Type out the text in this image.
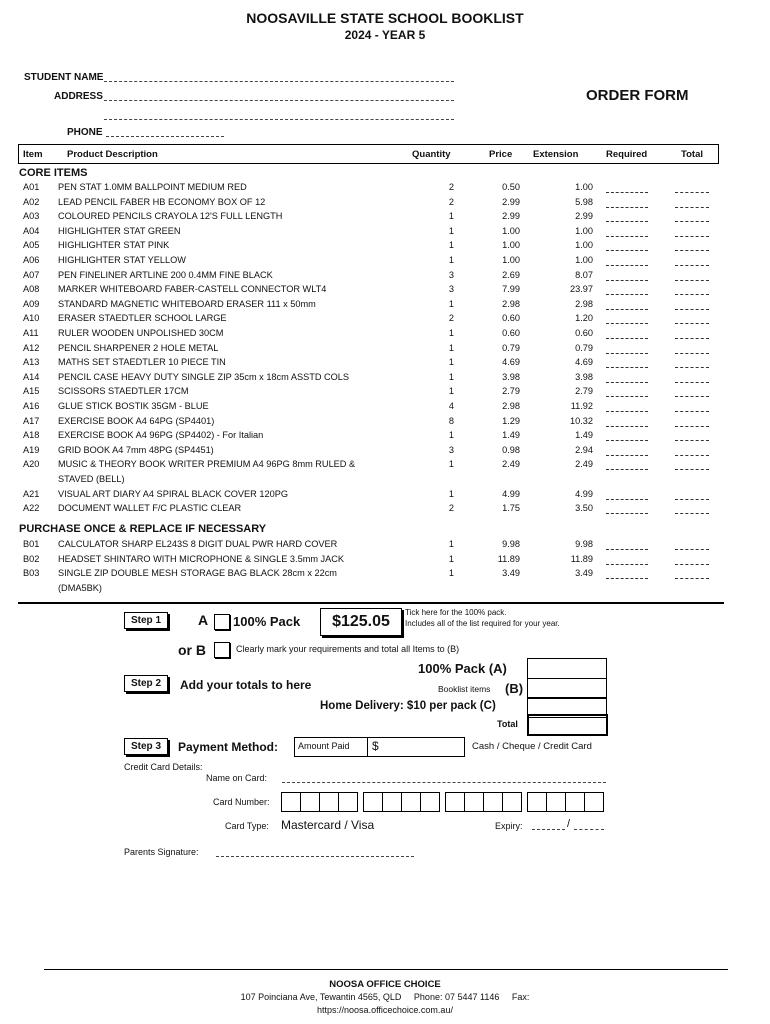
NOOSAVILLE STATE SCHOOL BOOKLIST
2024 - YEAR 5
STUDENT NAME
ADDRESS
PHONE
ORDER FORM
Item	Product Description	Quantity	Price Extension	Required	Total
CORE ITEMS
A01 PEN STAT 1.0MM BALLPOINT MEDIUM RED	2	0.50	1.00
A02 LEAD PENCIL FABER HB ECONOMY BOX OF 12	2	2.99	5.98
A03 COLOURED PENCILS CRAYOLA 12'S FULL LENGTH	1	2.99	2.99
A04 HIGHLIGHTER STAT GREEN	1	1.00	1.00
A05 HIGHLIGHTER STAT PINK	1	1.00	1.00
A06 HIGHLIGHTER STAT YELLOW	1	1.00	1.00
A07 PEN FINELINER ARTLINE 200 0.4MM FINE BLACK	3	2.69	8.07
A08 MARKER WHITEBOARD FABER-CASTELL CONNECTOR WLT4	3	7.99	23.97
A09 STANDARD MAGNETIC WHITEBOARD ERASER 111 x 50mm	1	2.98	2.98
A10 ERASER STAEDTLER SCHOOL LARGE	2	0.60	1.20
A11 RULER WOODEN UNPOLISHED 30CM	1	0.60	0.60
A12 PENCIL SHARPENER 2 HOLE METAL	1	0.79	0.79
A13 MATHS SET STAEDTLER 10 PIECE TIN	1	4.69	4.69
A14 PENCIL CASE HEAVY DUTY SINGLE ZIP 35cm x 18cm ASSTD COLS	1	3.98	3.98
A15 SCISSORS STAEDTLER 17CM	1	2.79	2.79
A16 GLUE STICK BOSTIK 35GM - BLUE	4	2.98	11.92
A17 EXERCISE BOOK A4 64PG (SP4401)	8	1.29	10.32
A18 EXERCISE BOOK A4 96PG (SP4402) - For Italian	1	1.49	1.49
A19 GRID BOOK A4 7mm 48PG (SP4451)	3	0.98	2.94
A20 MUSIC & THEORY BOOK WRITER PREMIUM A4 96PG 8mm RULED &	1	2.49	2.49
STAVED (BELL)
A21 VISUAL ART DIARY A4 SPIRAL BLACK COVER 120PG	1	4.99	4.99
A22 DOCUMENT WALLET F/C PLASTIC CLEAR	2	1.75	3.50
PURCHASE ONCE & REPLACE IF NECESSARY
B01 CALCULATOR SHARP EL243S 8 DIGIT DUAL PWR HARD COVER	1	9.98	9.98
B02 HEADSET SHINTARO WITH MICROPHONE & SINGLE 3.5mm JACK	1	11.89	11.89
B03 SINGLE ZIP DOUBLE MESH STORAGE BAG BLACK 28cm x 22cm	1	3.49	3.49
(DMA5BK)
Step 1	A 100% Pack	$125.05
Tick here for the 100% pack.
Includes all of the list required for your year.
or B	Clearly mark your requirements and total all Items to (B)
Step 2	Add your totals to here
100% Pack (A)
Booklist items (B)
Home Delivery: $10 per pack (C)
Total
Step 3	Payment Method: Amount Paid	$	Cash / Cheque / Credit Card
Credit Card Details:
Name on Card:
Card Number:
Card Type: Mastercard / Visa	Expiry:	/
Parents Signature:
NOOSA OFFICE CHOICE
107 Poinciana Ave, Tewantin 4565, QLD     Phone: 07 5447 1146     Fax:
https://noosa.officechoice.com.au/
